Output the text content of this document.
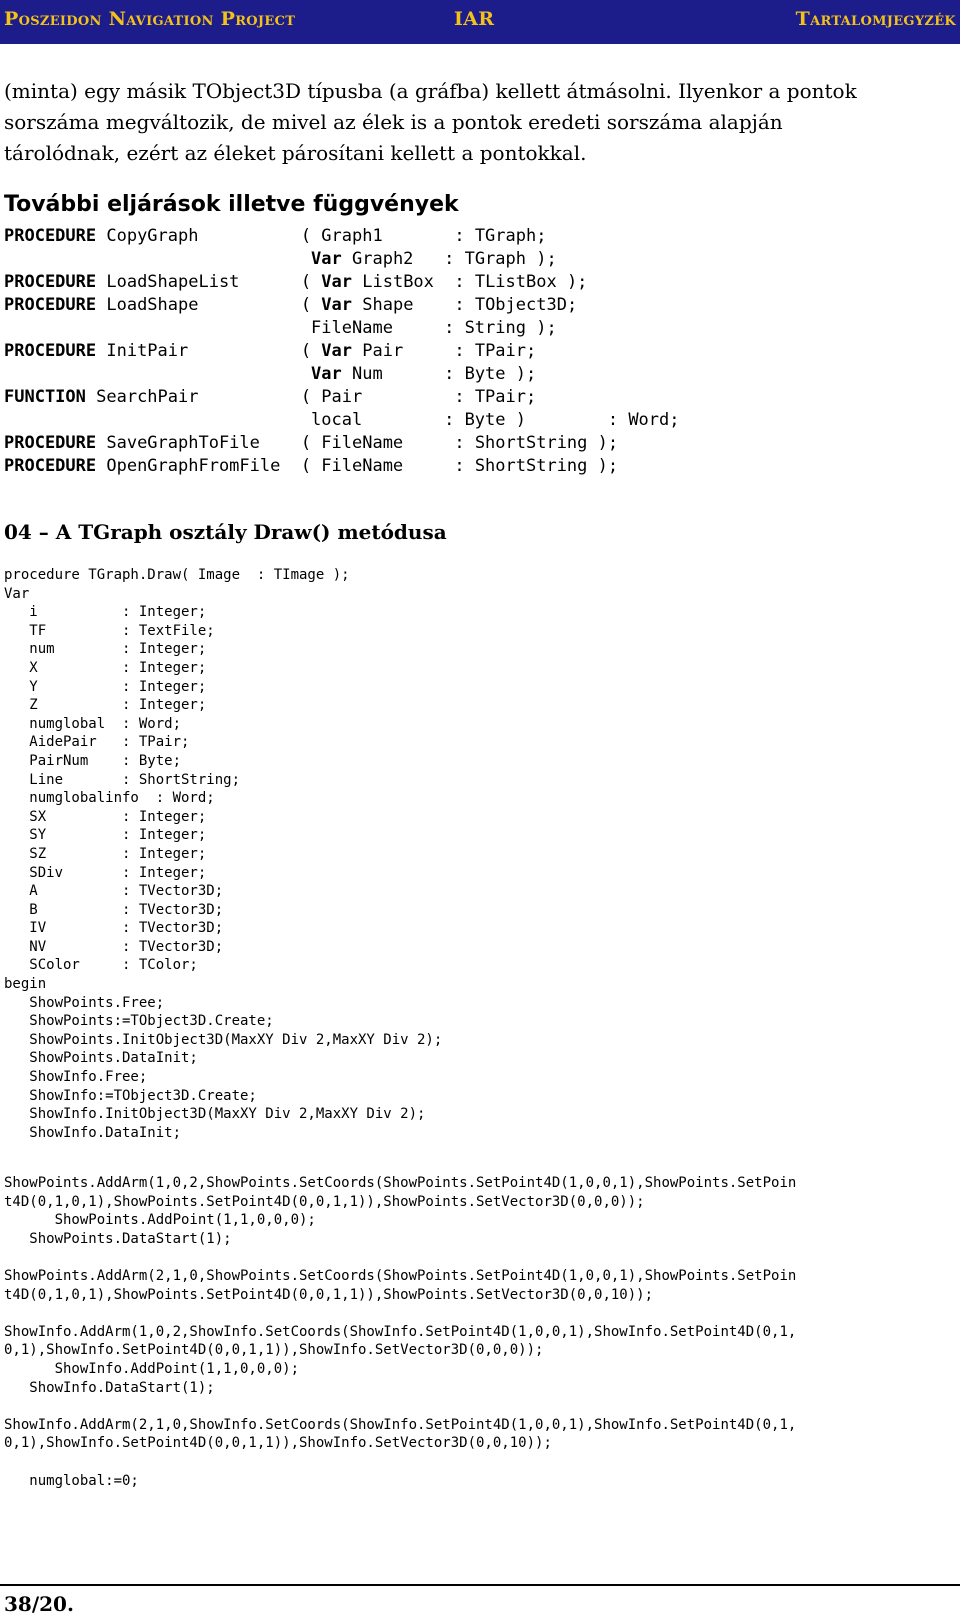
Poszeidon Navigation Project	IAR	Tartalomjegyzék

(minta) egy másik TObject3D típusba (a gráfba) kellett átmásolni. Ilyenkor a pontok
sorszáma megváltozik, de mivel az élek is a pontok eredeti sorszáma alapján
tárolódnak, ezért az éleket párosítani kellett a pontokkal.

További eljárások illetve függvények
PROCEDURE CopyGraph          ( Graph1       : TGraph;
Var Graph2   : TGraph );
PROCEDURE LoadShapeList      ( Var ListBox  : TListBox );
PROCEDURE LoadShape          ( Var Shape    : TObject3D;
FileName     : String );
PROCEDURE InitPair           ( Var Pair     : TPair;
Var Num      : Byte );
FUNCTION SearchPair          ( Pair         : TPair;
local        : Byte )        : Word;
PROCEDURE SaveGraphToFile    ( FileName     : ShortString );
PROCEDURE OpenGraphFromFile  ( FileName     : ShortString );
04 – A TGraph osztály Draw() metódusa
procedure TGraph.Draw( Image  : TImage );
Var
i          : Integer;
TF         : TextFile;
num        : Integer;
X          : Integer;
Y          : Integer;
Z          : Integer;
numglobal  : Word;
AidePair   : TPair;
PairNum    : Byte;
Line       : ShortString;
numglobalinfo  : Word;
SX         : Integer;
SY         : Integer;
SZ         : Integer;
SDiv       : Integer;
A          : TVector3D;
B          : TVector3D;
IV         : TVector3D;
NV         : TVector3D;
SColor     : TColor;
begin
ShowPoints.Free;
ShowPoints:=TObject3D.Create;
ShowPoints.InitObject3D(MaxXY Div 2,MaxXY Div 2);
ShowPoints.DataInit;
ShowInfo.Free;
ShowInfo:=TObject3D.Create;
ShowInfo.InitObject3D(MaxXY Div 2,MaxXY Div 2);
ShowInfo.DataInit;
ShowPoints.AddArm(1,0,2,ShowPoints.SetCoords(ShowPoints.SetPoint4D(1,0,0,1),ShowPoints.SetPoin
t4D(0,1,0,1),ShowPoints.SetPoint4D(0,0,1,1)),ShowPoints.SetVector3D(0,0,0));
ShowPoints.AddPoint(1,1,0,0,0);
ShowPoints.DataStart(1);
ShowPoints.AddArm(2,1,0,ShowPoints.SetCoords(ShowPoints.SetPoint4D(1,0,0,1),ShowPoints.SetPoin
t4D(0,1,0,1),ShowPoints.SetPoint4D(0,0,1,1)),ShowPoints.SetVector3D(0,0,10));
ShowInfo.AddArm(1,0,2,ShowInfo.SetCoords(ShowInfo.SetPoint4D(1,0,0,1),ShowInfo.SetPoint4D(0,1,
0,1),ShowInfo.SetPoint4D(0,0,1,1)),ShowInfo.SetVector3D(0,0,0));
ShowInfo.AddPoint(1,1,0,0,0);
ShowInfo.DataStart(1);
ShowInfo.AddArm(2,1,0,ShowInfo.SetCoords(ShowInfo.SetPoint4D(1,0,0,1),ShowInfo.SetPoint4D(0,1,
0,1),ShowInfo.SetPoint4D(0,0,1,1)),ShowInfo.SetVector3D(0,0,10));
numglobal:=0;
38/20.
